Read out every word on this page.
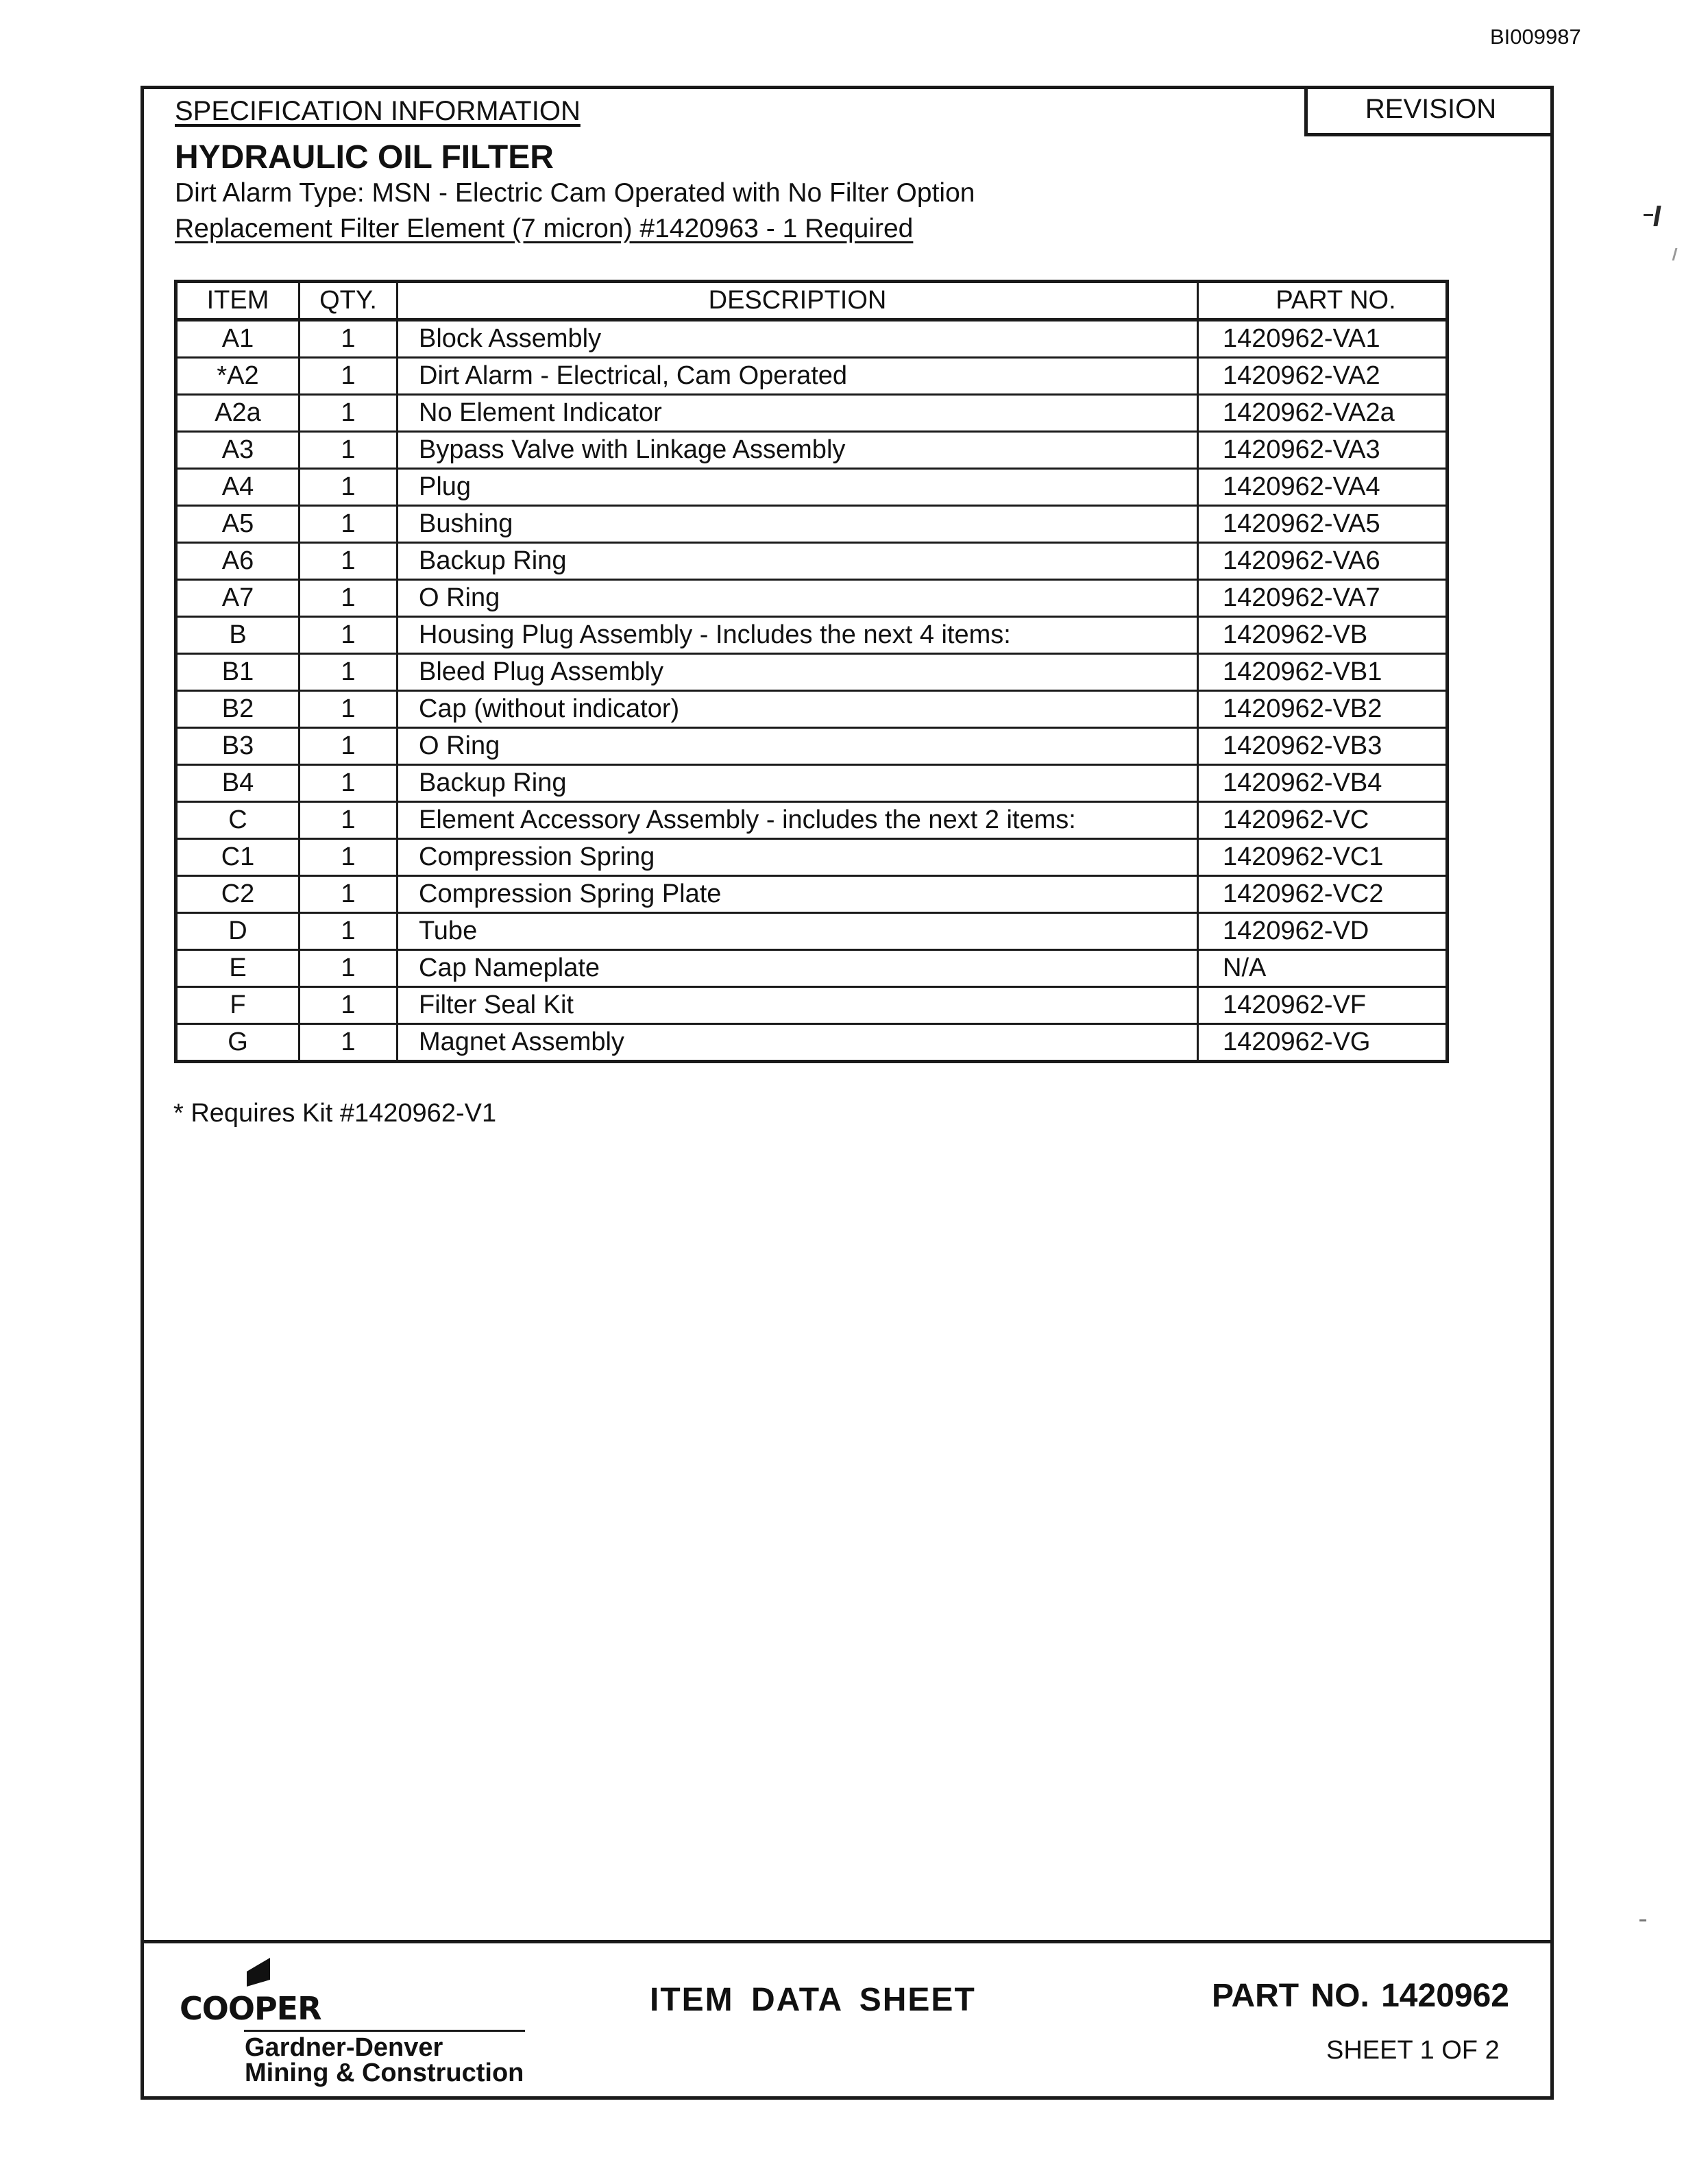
BI009987
SPECIFICATION INFORMATION	REVISION
HYDRAULIC OIL FILTER
Dirt Alarm Type: MSN - Electric Cam Operated with No Filter Option
Replacement Filter Element (7 micron) #1420963 - 1 Required
ITEM	QTY.	DESCRIPTION	PART NO.
A1	1	Block Assembly	1420962-VA1
*A2	1	Dirt Alarm - Electrical, Cam Operated	1420962-VA2
A2a	1	No Element Indicator	1420962-VA2a
A3	1	Bypass Valve with Linkage Assembly	1420962-VA3
A4	1	Plug	1420962-VA4
A5	1	Bushing	1420962-VA5
A6	1	Backup Ring	1420962-VA6
A7	1	O Ring	1420962-VA7
B	1	Housing Plug Assembly - Includes the next 4 items:	1420962-VB
B1	1	Bleed Plug Assembly	1420962-VB1
B2	1	Cap (without indicator)	1420962-VB2
B3	1	O Ring	1420962-VB3
B4	1	Backup Ring	1420962-VB4
C	1	Element Accessory Assembly - includes the next 2 items:	1420962-VC
C1	1	Compression Spring	1420962-VC1
C2	1	Compression Spring Plate	1420962-VC2
D	1	Tube	1420962-VD
E	1	Cap Nameplate	N/A
F	1	Filter Seal Kit	1420962-VF
G	1	Magnet Assembly	1420962-VG
* Requires Kit #1420962-V1
COOPER
Gardner-Denver
Mining & Construction
ITEM DATA SHEET	PART NO. 1420962
SHEET 1 OF 2
